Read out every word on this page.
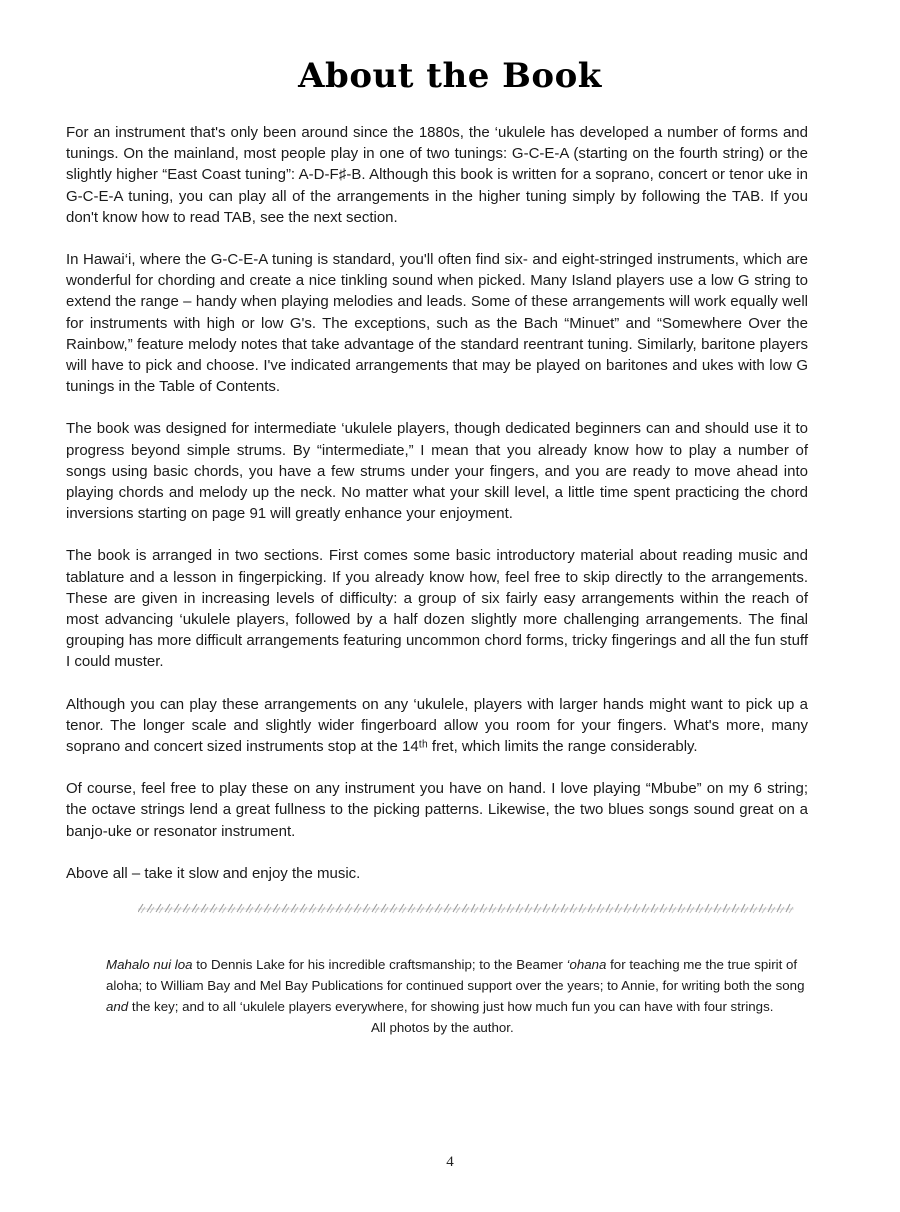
About the Book

For an instrument that's only been around since the 1880s, the ‘ukulele has developed a number of forms and tunings. On the mainland, most people play in one of two tunings: G-C-E-A (starting on the fourth string) or the slightly higher “East Coast tuning”: A-D-F♯-B. Although this book is written for a soprano, concert or tenor uke in G-C-E-A tuning, you can play all of the arrangements in the higher tuning simply by following the TAB. If you don't know how to read TAB, see the next section.

In Hawai‘i, where the G-C-E-A tuning is standard, you'll often find six- and eight-stringed instruments, which are wonderful for chording and create a nice tinkling sound when picked. Many Island players use a low G string to extend the range – handy when playing melodies and leads. Some of these arrangements will work equally well for instruments with high or low G's. The exceptions, such as the Bach “Minuet” and “Somewhere Over the Rainbow,” feature melody notes that take advantage of the standard reentrant tuning. Similarly, baritone players will have to pick and choose. I've indicated arrangements that may be played on baritones and ukes with low G tunings in the Table of Contents.

The book was designed for intermediate ‘ukulele players, though dedicated beginners can and should use it to progress beyond simple strums. By “intermediate,” I mean that you already know how to play a number of songs using basic chords, you have a few strums under your fingers, and you are ready to move ahead into playing chords and melody up the neck. No matter what your skill level, a little time spent practicing the chord inversions starting on page 91 will greatly enhance your enjoyment.

The book is arranged in two sections. First comes some basic introductory material about reading music and tablature and a lesson in fingerpicking. If you already know how, feel free to skip directly to the arrangements. These are given in increasing levels of difficulty: a group of six fairly easy arrangements within the reach of most advancing ‘ukulele players, followed by a half dozen slightly more challenging arrangements. The final grouping has more difficult arrangements featuring uncommon chord forms, tricky fingerings and all the fun stuff I could muster.

Although you can play these arrangements on any ‘ukulele, players with larger hands might want to pick up a tenor. The longer scale and slightly wider fingerboard allow you room for your fingers. What's more, many soprano and concert sized instruments stop at the 14ᵗʰ fret, which limits the range considerably.

Of course, feel free to play these on any instrument you have on hand. I love playing “Mbube” on my 6 string; the octave strings lend a great fullness to the picking patterns. Likewise, the two blues songs sound great on a banjo-uke or resonator instrument.

Above all – take it slow and enjoy the music.

Mahalo nui loa to Dennis Lake for his incredible craftsmanship; to the Beamer ‘ohana for teaching me the true spirit of aloha; to William Bay and Mel Bay Publications for continued support over the years; to Annie, for writing both the song and the key; and to all ‘ukulele players everywhere, for showing just how much fun you can have with four strings.

All photos by the author.

4
